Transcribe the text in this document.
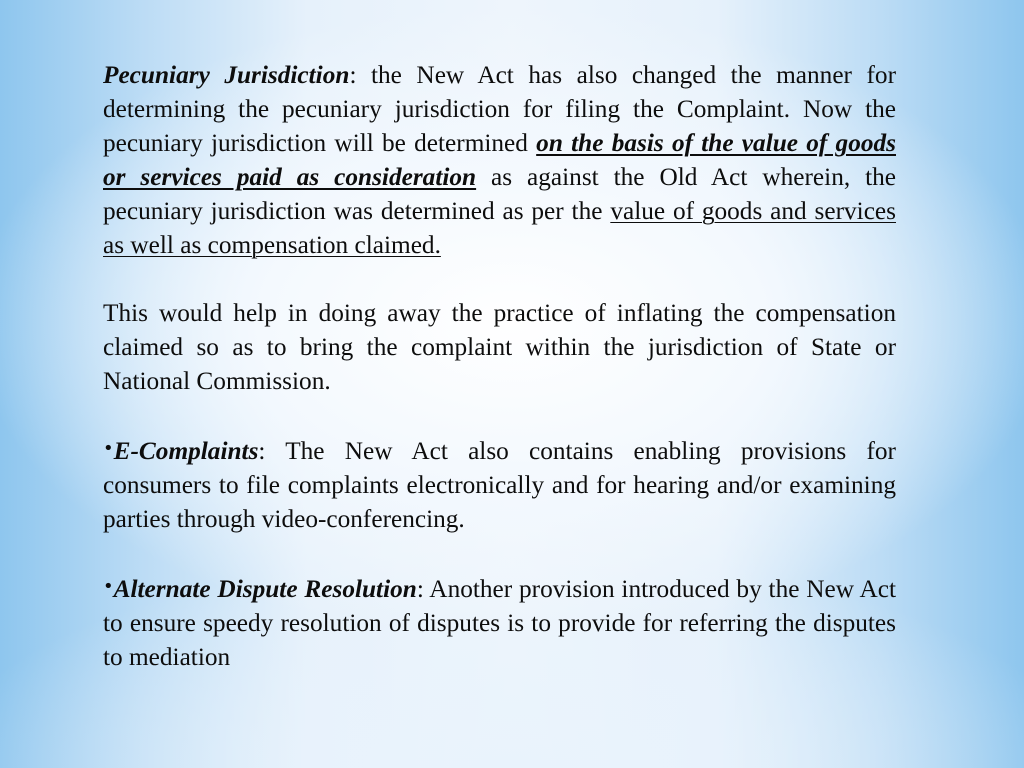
Pecuniary Jurisdiction: the New Act has also changed the manner for determining the pecuniary jurisdiction for filing the Complaint. Now the pecuniary jurisdiction will be determined on the basis of the value of goods or services paid as consideration as against the Old Act wherein, the pecuniary jurisdiction was determined as per the value of goods and services as well as compensation claimed.

This would help in doing away the practice of inflating the compensation claimed so as to bring the complaint within the jurisdiction of State or National Commission.

•E-Complaints: The New Act also contains enabling provisions for consumers to file complaints electronically and for hearing and/or examining parties through video-conferencing.

•Alternate Dispute Resolution: Another provision introduced by the New Act to ensure speedy resolution of disputes is to provide for referring the disputes to mediation
